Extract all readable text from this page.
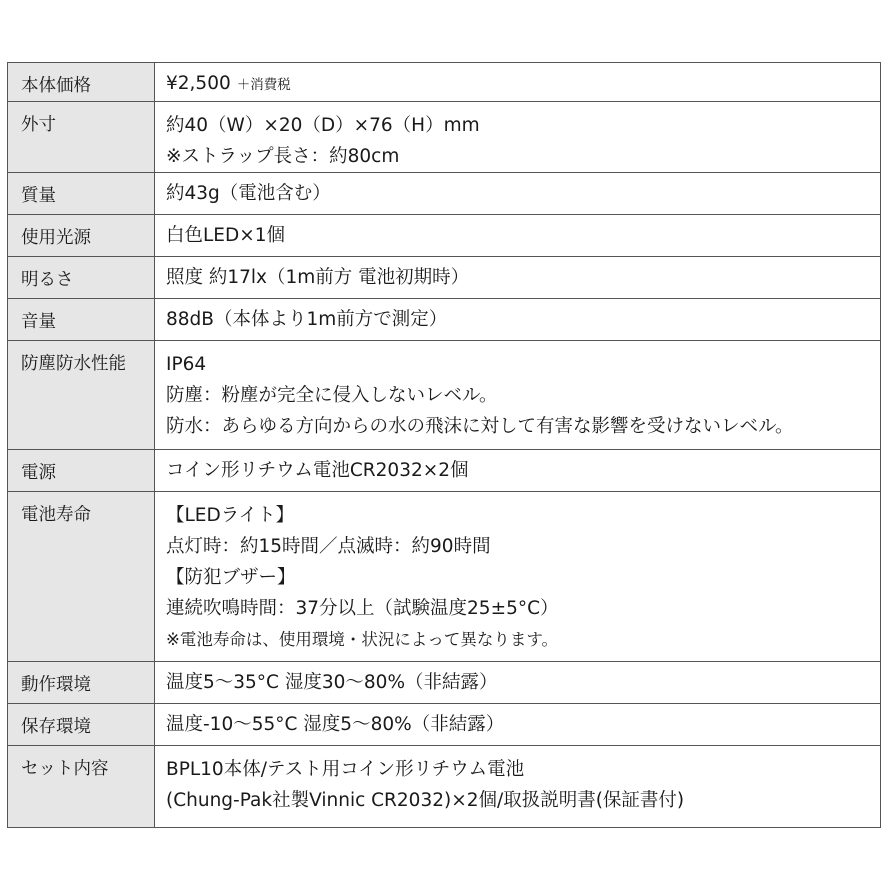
本体価格	¥2,500 ＋消費税
外寸	約40（W）×20（D）×76（H）mm
※ストラップ長さ：約80cm

質量	約43g（電池含む）

使用光源	白色LED×1個

明るさ	照度 約17lx（1m前方 電池初期時）

音量	88dB（本体より1m前方で測定）

防塵防水性能	IP64
防塵：粉塵が完全に侵入しないレベル。
防水：あらゆる方向からの水の飛沫に対して有害な影響を受けないレベル。

電源	コイン形リチウム電池CR2032×2個

電池寿命	【LEDライト】
点灯時：約15時間／点滅時：約90時間
【防犯ブザー】
連続吹鳴時間：37分以上（試験温度25±5°C）
※電池寿命は、使用環境・状況によって異なります。

動作環境	温度5～35°C 湿度30～80%（非結露）

保存環境	温度-10～55°C 湿度5～80%（非結露）

セット内容	BPL10本体/テスト用コイン形リチウム電池
(Chung-Pak社製Vinnic CR2032)×2個/取扱説明書(保証書付)
